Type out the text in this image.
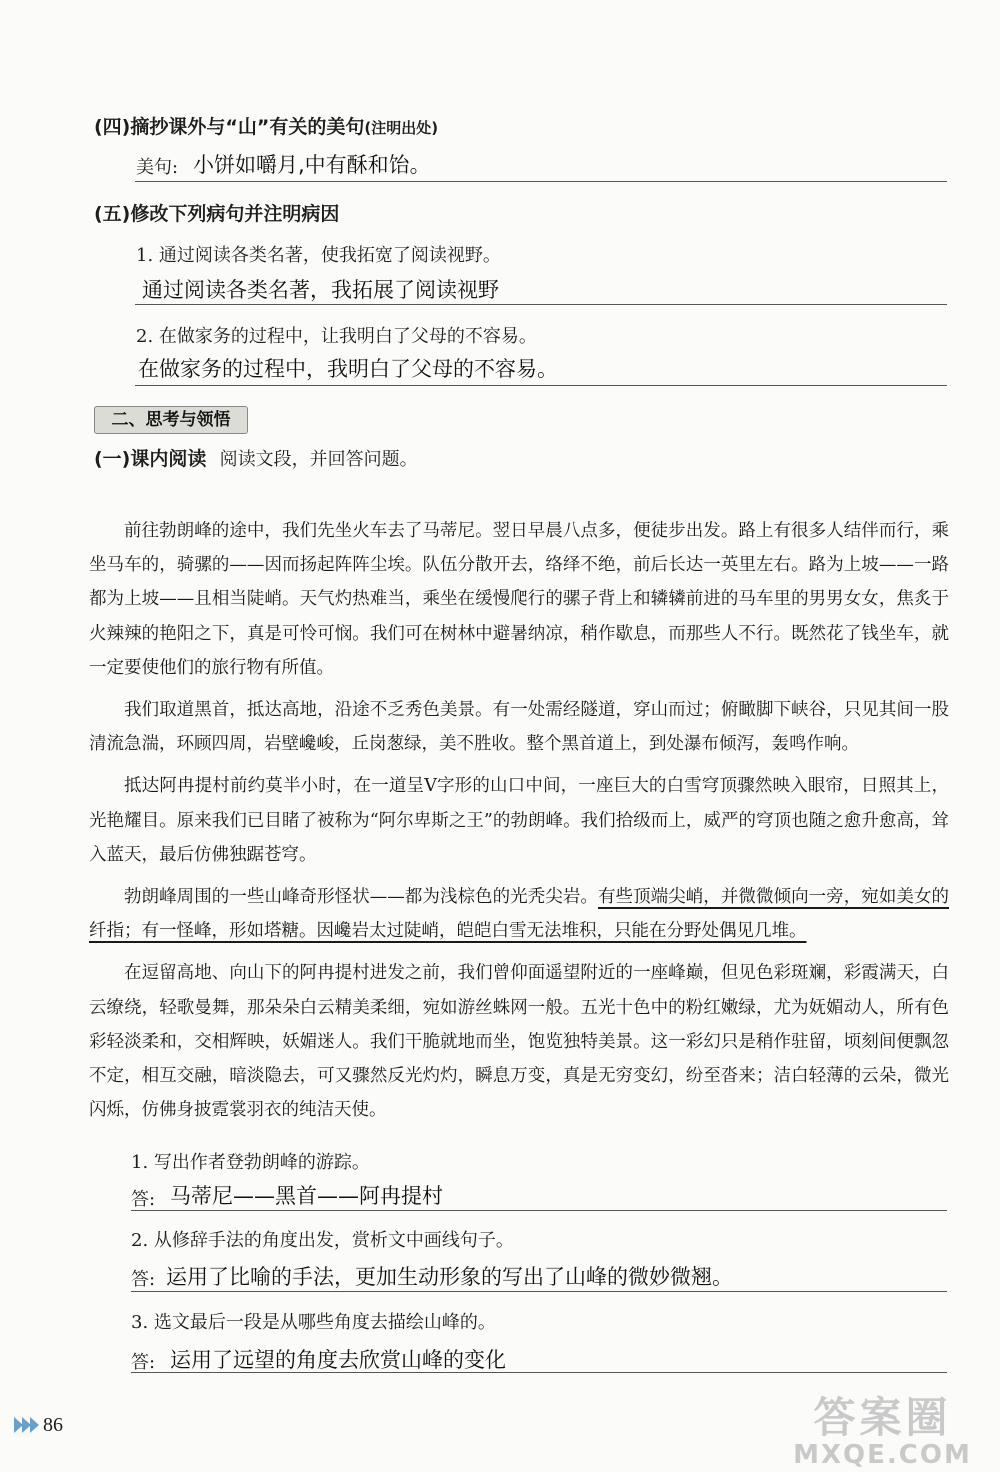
(四)摘抄课外与“山”有关的美句(注明出处)
美句: 小饼如嚼月,中有酥和饴。
(五)修改下列病句并注明病因
1. 通过阅读各类名著，使我拓宽了阅读视野。
通过阅读各类名著，我拓展了阅读视野
2. 在做家务的过程中，让我明白了父母的不容易。
在做家务的过程中，我明白了父母的不容易。
二、思考与领悟
(一)课内阅读 阅读文段，并回答问题。

前往勃朗峰的途中，我们先坐火车去了马蒂尼。翌日早晨八点多，便徒步出发。路上有很多人结伴而行，乘坐马车的，骑骡的——因而扬起阵阵尘埃。队伍分散开去，络绎不绝，前后长达一英里左右。路为上坡——一路都为上坡——且相当陡峭。天气灼热难当，乘坐在缓慢爬行的骡子背上和辚辚前进的马车里的男男女女，焦炙于火辣辣的艳阳之下，真是可怜可悯。我们可在树林中避暑纳凉，稍作歇息，而那些人不行。既然花了钱坐车，就一定要使他们的旅行物有所值。

我们取道黑首，抵达高地，沿途不乏秀色美景。有一处需经隧道，穿山而过；俯瞰脚下峡谷，只见其间一股清流急湍，环顾四周，岩壁巉峻，丘岗葱绿，美不胜收。整个黑首道上，到处瀑布倾泻，轰鸣作响。

抵达阿冉提村前约莫半小时，在一道呈V字形的山口中间，一座巨大的白雪穹顶骤然映入眼帘，日照其上，光艳耀目。原来我们已目睹了被称为“阿尔卑斯之王”的勃朗峰。我们拾级而上，威严的穹顶也随之愈升愈高，耸入蓝天，最后仿佛独踞苍穹。

勃朗峰周围的一些山峰奇形怪状——都为浅棕色的光秃尖岩。有些顶端尖峭，并微微倾向一旁，宛如美女的纤指；有一怪峰，形如塔糖。因巉岩太过陡峭，皑皑白雪无法堆积，只能在分野处偶见几堆。

在逗留高地、向山下的阿冉提村进发之前，我们曾仰面遥望附近的一座峰巅，但见色彩斑斓，彩霞满天，白云缭绕，轻歌曼舞，那朵朵白云精美柔细，宛如游丝蛛网一般。五光十色中的粉红嫩绿，尤为妩媚动人，所有色彩轻淡柔和，交相辉映，妖媚迷人。我们干脆就地而坐，饱览独特美景。这一彩幻只是稍作驻留，顷刻间便飘忽不定，相互交融，暗淡隐去，可又骤然反光灼灼，瞬息万变，真是无穷变幻，纷至沓来；洁白轻薄的云朵，微光闪烁，仿佛身披霓裳羽衣的纯洁天使。

1. 写出作者登勃朗峰的游踪。
答: 马蒂尼——黑首——阿冉提村
2. 从修辞手法的角度出发，赏析文中画线句子。
答: 运用了比喻的手法，更加生动形象的写出了山峰的微妙微翘。
3. 选文最后一段是从哪些角度去描绘山峰的。
答: 运用了远望的角度去欣赏山峰的变化
86	答案圈
MXQE.COM
